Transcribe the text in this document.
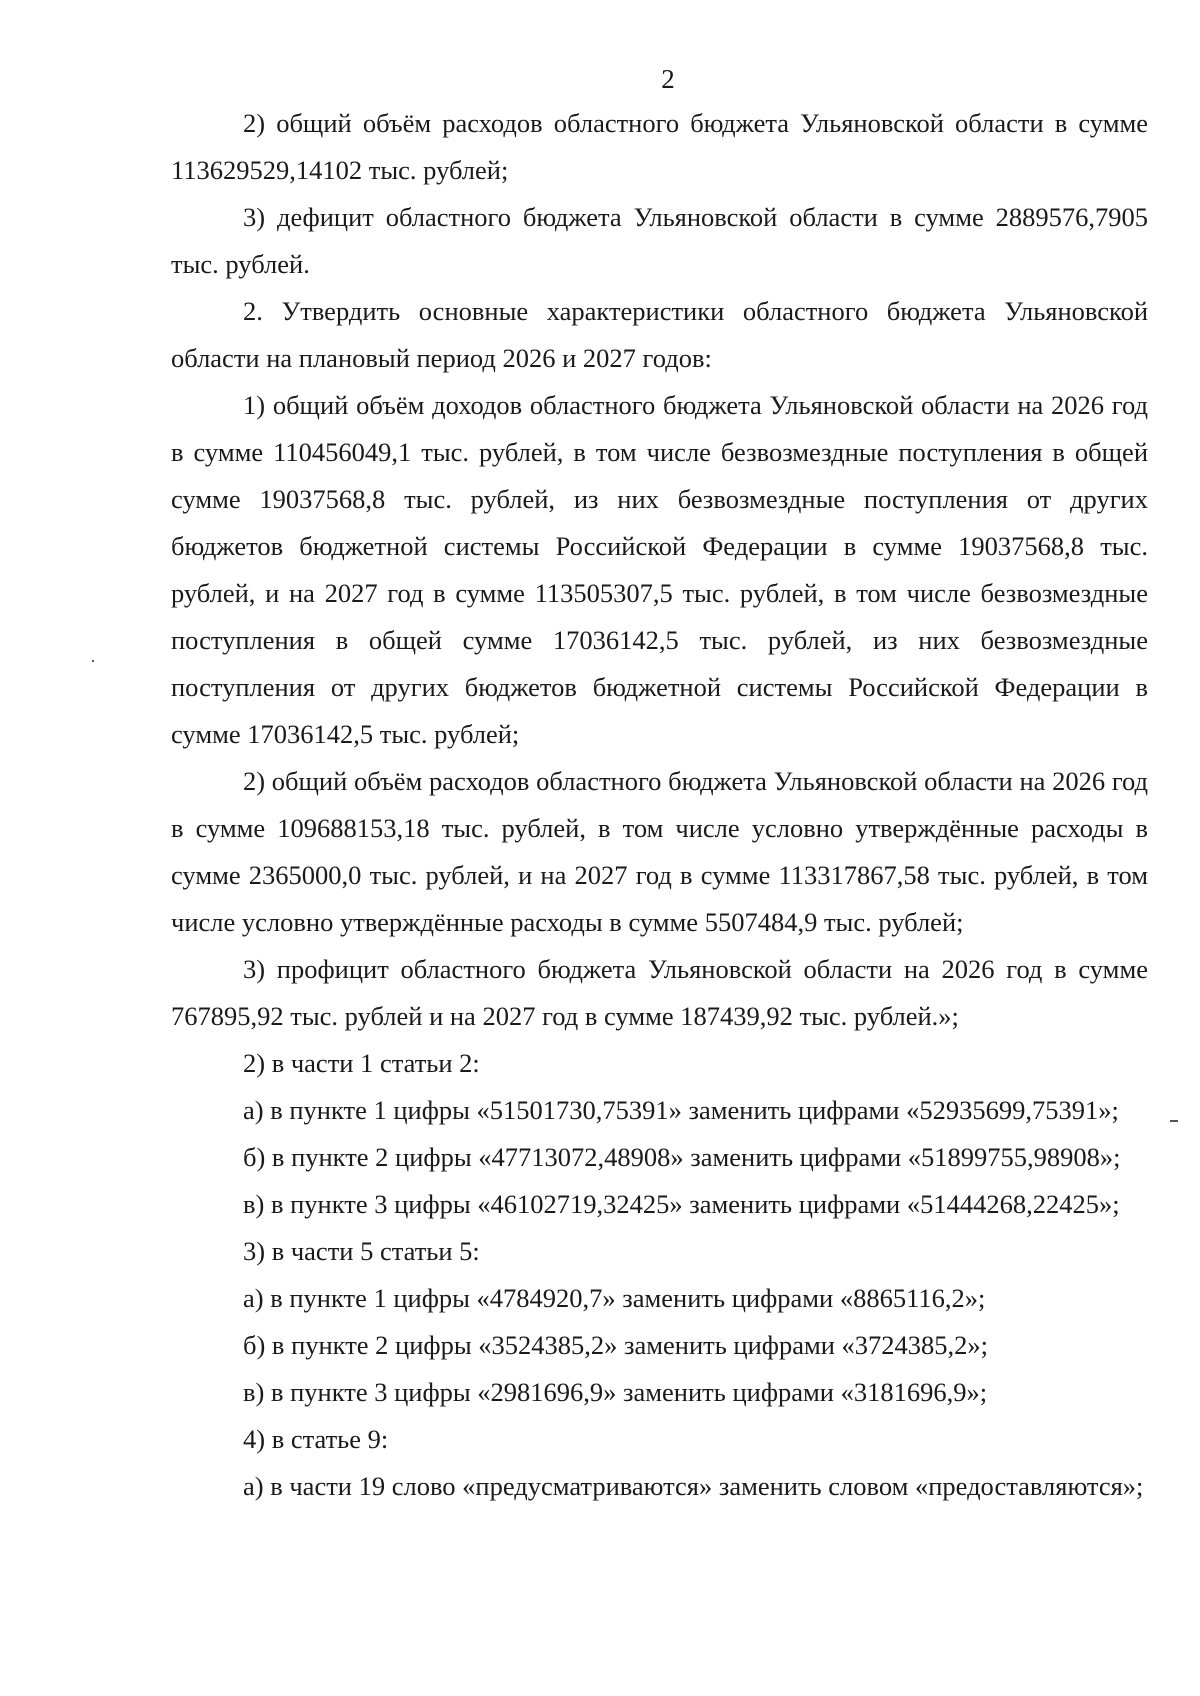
2

2) общий объём расходов областного бюджета Ульяновской области в сумме 113629529,14102 тыс. рублей;

3) дефицит областного бюджета Ульяновской области в сумме 2889576,7905 тыс. рублей.

2. Утвердить основные характеристики областного бюджета Ульяновской области на плановый период 2026 и 2027 годов:

1) общий объём доходов областного бюджета Ульяновской области на 2026 год в сумме 110456049,1 тыс. рублей, в том числе безвозмездные поступления в общей сумме 19037568,8 тыс. рублей, из них безвозмездные поступления от других бюджетов бюджетной системы Российской Федерации в сумме 19037568,8 тыс. рублей, и на 2027 год в сумме 113505307,5 тыс. рублей, в том числе безвозмездные поступления в общей сумме 17036142,5 тыс. рублей, из них безвозмездные поступления от других бюджетов бюджетной системы Российской Федерации в сумме 17036142,5 тыс. рублей;

2) общий объём расходов областного бюджета Ульяновской области на 2026 год в сумме 109688153,18 тыс. рублей, в том числе условно утверждённые расходы в сумме 2365000,0 тыс. рублей, и на 2027 год в сумме 113317867,58 тыс. рублей, в том числе условно утверждённые расходы в сумме 5507484,9 тыс. рублей;

3) профицит областного бюджета Ульяновской области на 2026 год в сумме 767895,92 тыс. рублей и на 2027 год в сумме 187439,92 тыс. рублей.»;

2) в части 1 статьи 2:

а) в пункте 1 цифры «51501730,75391» заменить цифрами «52935699,75391»;

б) в пункте 2 цифры «47713072,48908» заменить цифрами «51899755,98908»;

в) в пункте 3 цифры «46102719,32425» заменить цифрами «51444268,22425»;

3) в части 5 статьи 5:

а) в пункте 1 цифры «4784920,7» заменить цифрами «8865116,2»;

б) в пункте 2 цифры «3524385,2» заменить цифрами «3724385,2»;

в) в пункте 3 цифры «2981696,9» заменить цифрами «3181696,9»;

4) в статье 9:

а) в части 19 слово «предусматриваются» заменить словом «предоставляются»;
